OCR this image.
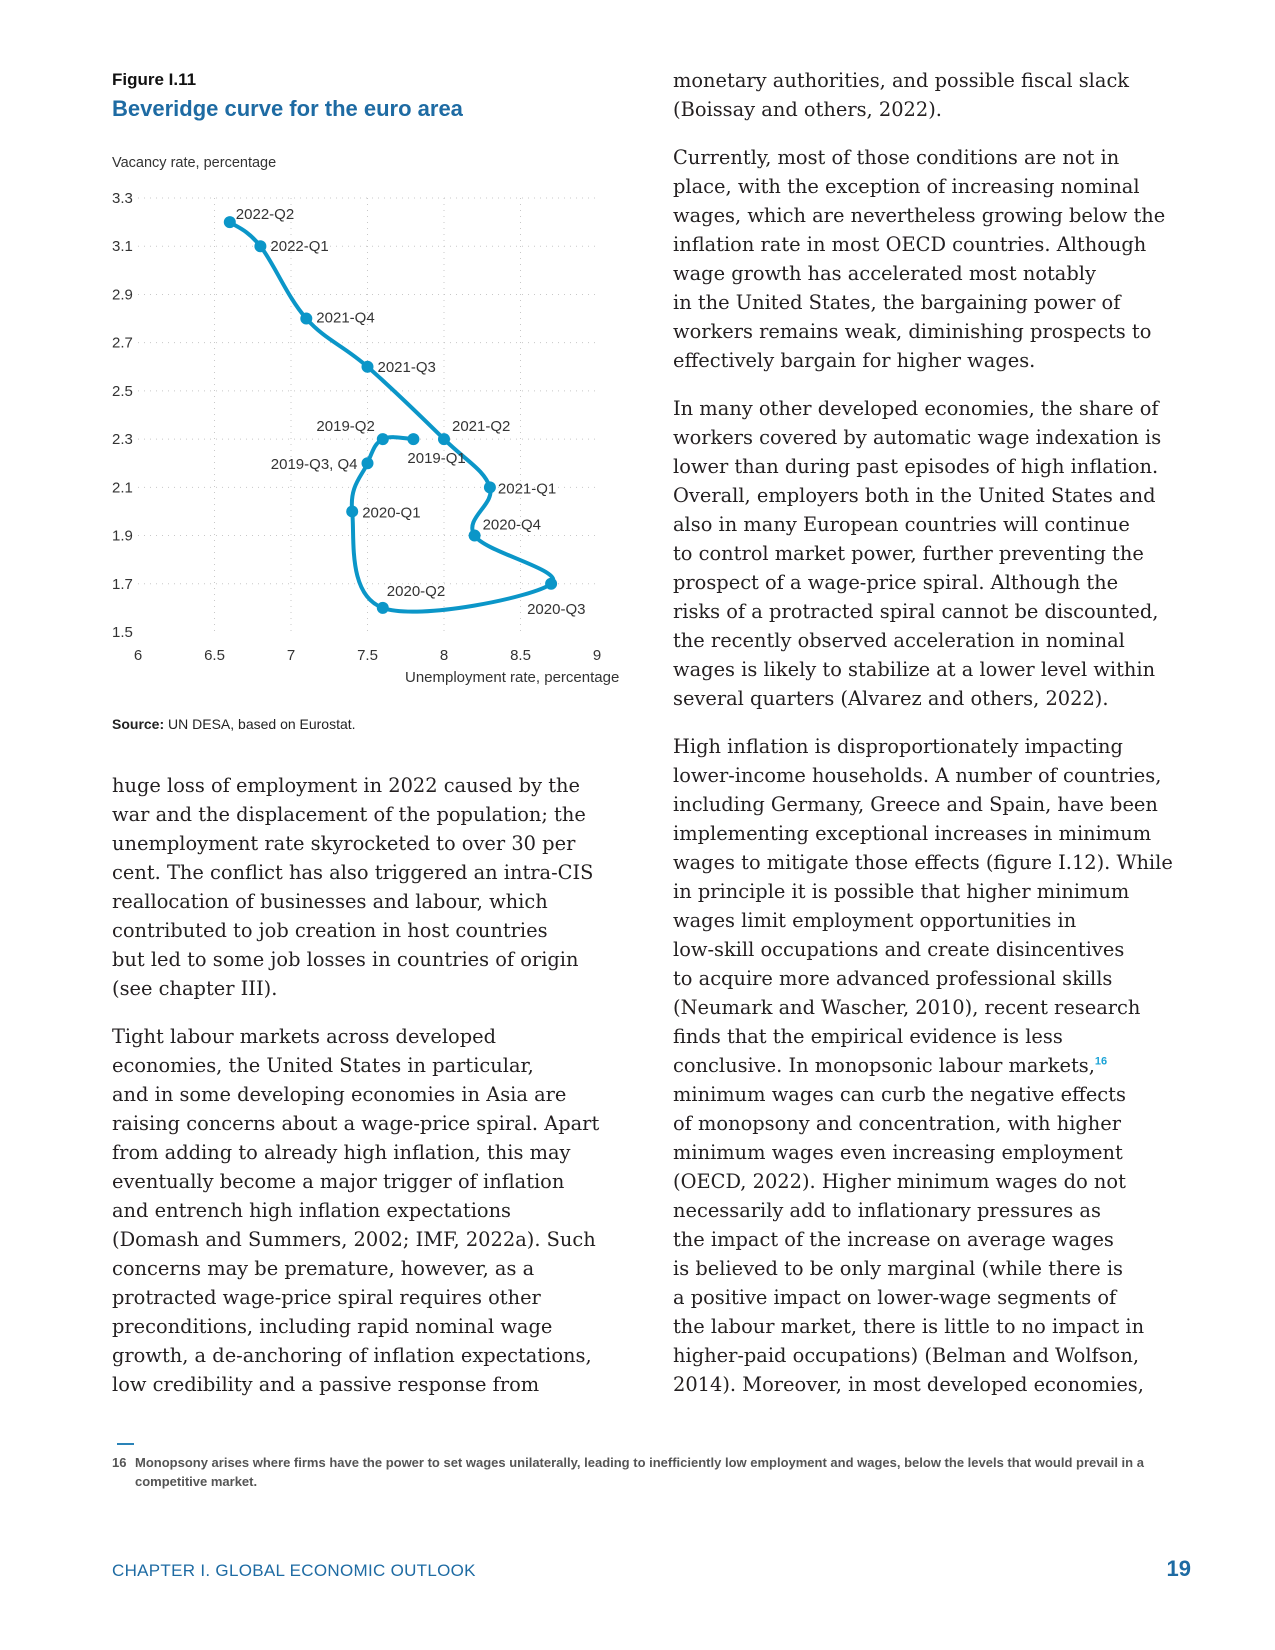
Figure I.11
Beveridge curve for the euro area
Vacancy rate, percentage
3.3
3.1
2.9
2.7
2.5
2.3
2.1
1.9
1.7
1.5
6	6.5	7	7.5	8	8.5	9
2019-Q1
2019-Q2
2019-Q3, Q4
2020-Q1
2020-Q2
2020-Q3
2020-Q4
2021-Q1
2021-Q2
2021-Q3
2021-Q4
2022-Q1
2022-Q2
Unemployment rate, percentage
Source: UN DESA, based on Eurostat.

huge loss of employment in 2022 caused by the
war and the displacement of the population; the
unemployment rate skyrocketed to over 30 per
cent. The conflict has also triggered an intra-CIS
reallocation of businesses and labour, which
contributed to job creation in host countries
but led to some job losses in countries of origin
(see chapter III).

Tight labour markets across developed
economies, the United States in particular,
and in some developing economies in Asia are
raising concerns about a wage-price spiral. Apart
from adding to already high inflation, this may
eventually become a major trigger of inflation
and entrench high inflation expectations
(Domash and Summers, 2002; IMF, 2022a). Such
concerns may be premature, however, as a
protracted wage-price spiral requires other
preconditions, including rapid nominal wage
growth, a de-anchoring of inflation expectations,
low credibility and a passive response from

monetary authorities, and possible fiscal slack
(Boissay and others, 2022).

Currently, most of those conditions are not in
place, with the exception of increasing nominal
wages, which are nevertheless growing below the
inflation rate in most OECD countries. Although
wage growth has accelerated most notably
in the United States, the bargaining power of
workers remains weak, diminishing prospects to
effectively bargain for higher wages.

In many other developed economies, the share of
workers covered by automatic wage indexation is
lower than during past episodes of high inflation.
Overall, employers both in the United States and
also in many European countries will continue
to control market power, further preventing the
prospect of a wage-price spiral. Although the
risks of a protracted spiral cannot be discounted,
the recently observed acceleration in nominal
wages is likely to stabilize at a lower level within
several quarters (Alvarez and others, 2022).

High inflation is disproportionately impacting
lower-income households. A number of countries,
including Germany, Greece and Spain, have been
implementing exceptional increases in minimum
wages to mitigate those effects (figure I.12). While
in principle it is possible that higher minimum
wages limit employment opportunities in
low-skill occupations and create disincentives
to acquire more advanced professional skills
(Neumark and Wascher, 2010), recent research
finds that the empirical evidence is less
conclusive. In monopsonic labour markets,$^{16}$
minimum wages can curb the negative effects
of monopsony and concentration, with higher
minimum wages even increasing employment
(OECD, 2022). Higher minimum wages do not
necessarily add to inflationary pressures as
the impact of the increase on average wages
is believed to be only marginal (while there is
a positive impact on lower-wage segments of
the labour market, there is little to no impact in
higher-paid occupations) (Belman and Wolfson,
2014). Moreover, in most developed economies,

16 Monopsony arises where firms have the power to set wages unilaterally, leading to inefficiently low employment and wages, below the levels that would prevail in a competitive market.
CHAPTER I. GLOBAL ECONOMIC OUTLOOK	19
